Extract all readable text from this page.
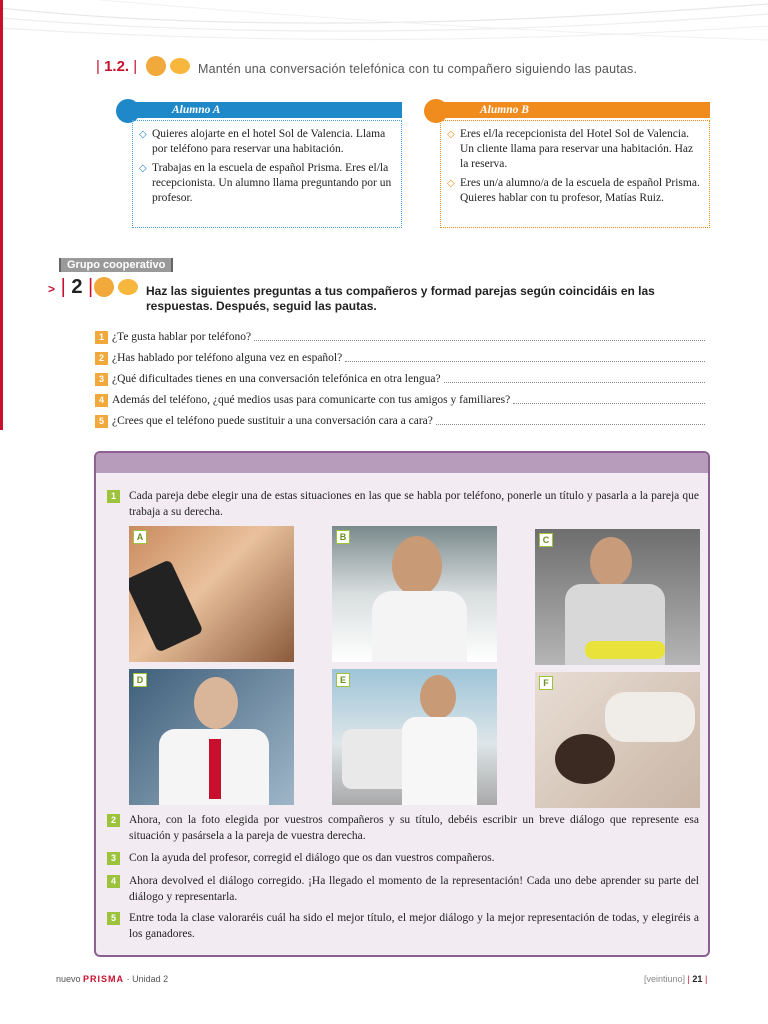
| 1.2. |
	Mantén una conversación telefónica con tu compañero siguiendo las pautas.
Alumno A
◇ Quieres alojarte en el hotel Sol de Valencia. Llama por teléfono para reservar una habitación.
◇ Trabajas en la escuela de español Prisma. Eres el/la recepcionista. Un alumno llama preguntando por un profesor.
Alumno B
◇ Eres el/la recepcionista del Hotel Sol de Valencia. Un cliente llama para reservar una habitación. Haz la reserva.
◇ Eres un/a alumno/a de la escuela de español Prisma. Quieres hablar con tu profesor, Matías Ruiz.
Grupo cooperativo
> | 2 |
	Haz las siguientes preguntas a tus compañeros y formad parejas según coincidáis en las respuestas. Después, seguid las pautas.
1 ¿Te gusta hablar por teléfono?
2 ¿Has hablado por teléfono alguna vez en español?
3 ¿Qué dificultades tienes en una conversación telefónica en otra lengua?
4 Además del teléfono, ¿qué medios usas para comunicarte con tus amigos y familiares?
5 ¿Crees que el teléfono puede sustituir a una conversación cara a cara?
1	Cada pareja debe elegir una de estas situaciones en las que se habla por teléfono, ponerle un título y pasarla a la pareja que trabaja a su derecha.
A	B	C
D	E	F
2	Ahora, con la foto elegida por vuestros compañeros y su título, debéis escribir un breve diálogo que represente esa situación y pasársela a la pareja de vuestra derecha.
3	Con la ayuda del profesor, corregid el diálogo que os dan vuestros compañeros.
4	Ahora devolved el diálogo corregido. ¡Ha llegado el momento de la representación! Cada uno debe aprender su parte del diálogo y representarla.
5	Entre toda la clase valoraréis cuál ha sido el mejor título, el mejor diálogo y la mejor representación de todas, y elegiréis a los ganadores.
nuevo PRISMA · Unidad 2	[veintiuno] | 21 |
